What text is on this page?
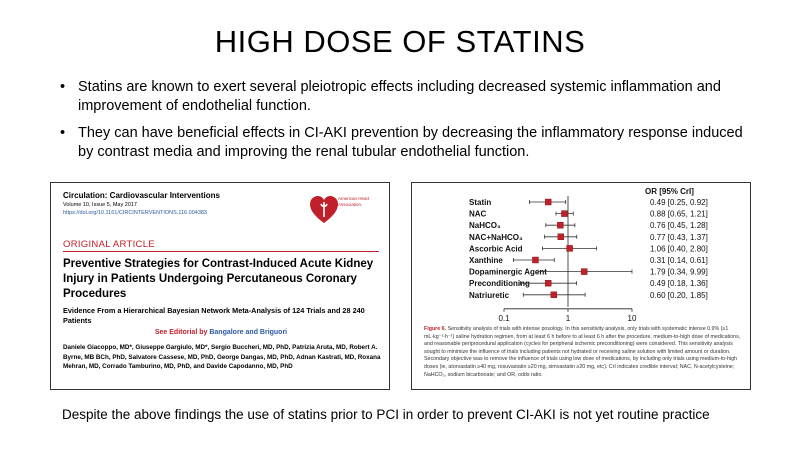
HIGH DOSE OF STATINS
• Statins are known to exert several pleiotropic effects including decreased systemic inflammation and improvement of endothelial function.
• They can have beneficial effects in CI-AKI prevention by decreasing the inflammatory response induced by contrast media and improving the renal tubular endothelial function.
Circulation: Cardiovascular Interventions
Volume 10, Issue 5, May 2017
https://doi.org/10.1161/CIRCINTERVENTIONS.116.004383
American Heart Association.
ORIGINAL ARTICLE
Preventive Strategies for Contrast-Induced Acute Kidney Injury in Patients Undergoing Percutaneous Coronary Procedures
Evidence From a Hierarchical Bayesian Network Meta-Analysis of 124 Trials and 28 240 Patients
See Editorial by Bangalore and Briguori
Daniele Giacoppo, MD*, Giuseppe Gargiulo, MD*, Sergio Buccheri, MD, PhD, Patrizia Aruta, MD, Robert A. Byrne, MB BCh, PhD, Salvatore Cassese, MD, PhD, George Dangas, MD, PhD, Adnan Kastrati, MD, Roxana Mehran, MD, Corrado Tamburino, MD, PhD, and Davide Capodanno, MD, PhD
OR [95% CrI]
Statin	0.49 [0.25, 0.92]
NAC	0.88 [0.65, 1.21]
NaHCO₃	0.76 [0.45, 1.28]
NAC+NaHCO₃	0.77 [0.43, 1.37]
Ascorbic Acid	1.06 [0.40, 2.80]
Xanthine	0.31 [0.14, 0.61]
Dopaminergic Agent	1.79 [0.34, 9.99]
Preconditioning	0.49 [0.18, 1.36]
Natriuretic	0.60 [0.20, 1.85]
0.1	1	10
Figure 6. Sensitivity analysis of trials with intense posology. In this sensitivity analysis, only trials with systematic intense 0.9% (≥1 mL·kg⁻¹·h⁻¹) saline hydration regimen, from at least 6 h before to at least 6 h after the procedure, medium-to-high dose of medications, and reasonable periprocedural application (cycles for peripheral ischemic preconditioning) were considered. This sensitivity analysis sought to minimize the influence of trials including patients not hydrated or receiving saline solution with limited amount or duration. Secondary objective was to remove the influence of trials using low dose of medications, by including only trials using medium-to-high doses (ie, atorvastatin ≥40 mg, rosuvastatin ≥20 mg, simvastatin ≥20 mg, etc). CrI indicates credible interval; NAC, N-acetylcysteine; NaHCO₃, sodium bicarbonate; and OR, odds ratio.
Despite the above findings the use of statins prior to PCI in order to prevent CI-AKI is not yet routine practice
